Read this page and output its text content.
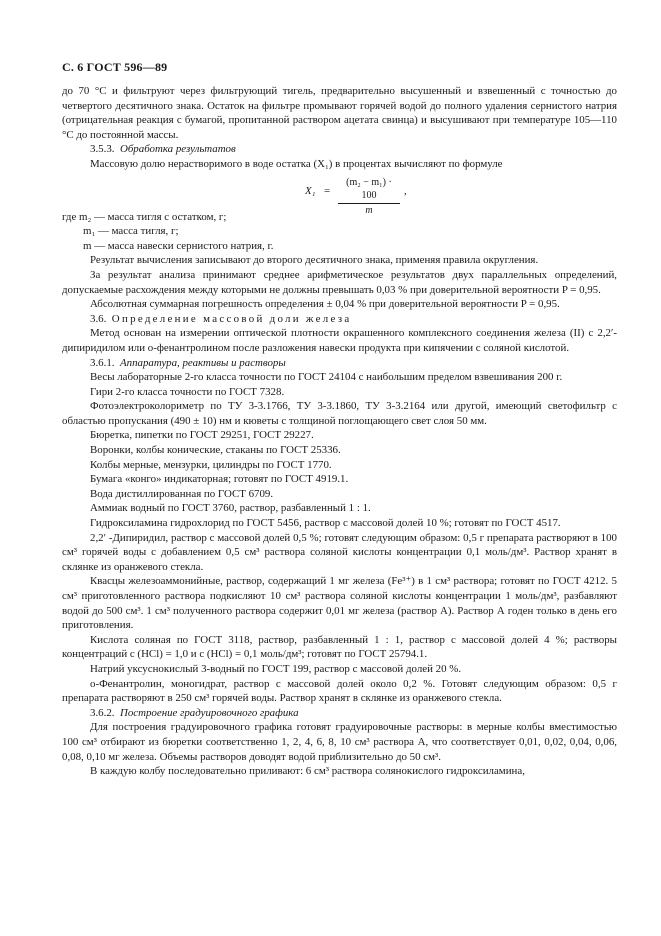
С. 6 ГОСТ 596—89

до 70 °С и фильтруют через фильтрующий тигель, предварительно высушенный и взвешенный с точностью до четвертого десятичного знака. Остаток на фильтре промывают горячей водой до полного удаления сернистого натрия (отрицательная реакция с бумагой, пропитанной раствором ацетата свинца) и высушивают при температуре 105—110 °С до постоянной массы.

3.5.3. Обработка результатов

Массовую долю нерастворимого в воде остатка (X₁) в процентах вычисляют по формуле

$X_1 = \frac{\text{(m₂ − m₁) · 100}}{m}$ ,
где m₂ — масса тигля с остатком, г;
m₁ — масса тигля, г;
m — масса навески сернистого натрия, г.

Результат вычисления записывают до второго десятичного знака, применяя правила округления.

За результат анализа принимают среднее арифметическое результатов двух параллельных определений, допускаемые расхождения между которыми не должны превышать 0,03 % при доверительной вероятности P = 0,95.

Абсолютная суммарная погрешность определения ± 0,04 % при доверительной вероятности P = 0,95.

3.6. Определение массовой доли железа

Метод основан на измерении оптической плотности окрашенного комплексного соединения железа (II) с 2,2′-дипиридилом или о-фенантролином после разложения навески продукта при кипячении с соляной кислотой.

3.6.1. Аппаратура, реактивы и растворы

Весы лабораторные 2-го класса точности по ГОСТ 24104 с наибольшим пределом взвешивания 200 г.

Гири 2-го класса точности по ГОСТ 7328.

Фотоэлектроколориметр по ТУ 3-3.1766, ТУ 3-3.1860, ТУ 3-3.2164 или другой, имеющий светофильтр с областью пропускания (490 ± 10) нм и кюветы с толщиной поглощающего свет слоя 50 мм.

Бюретка, пипетки по ГОСТ 29251, ГОСТ 29227.

Воронки, колбы конические, стаканы по ГОСТ 25336.

Колбы мерные, мензурки, цилиндры по ГОСТ 1770.

Бумага «конго» индикаторная; готовят по ГОСТ 4919.1.

Вода дистиллированная по ГОСТ 6709.

Аммиак водный по ГОСТ 3760, раствор, разбавленный 1 : 1.

Гидроксиламина гидрохлорид по ГОСТ 5456, раствор с массовой долей 10 %; готовят по ГОСТ 4517.

2,2′ -Дипиридил, раствор с массовой долей 0,5 %; готовят следующим образом: 0,5 г препарата растворяют в 100 см³ горячей воды с добавлением 0,5 см³ раствора соляной кислоты концентрации 0,1 моль/дм³. Раствор хранят в склянке из оранжевого стекла.

Квасцы железоаммонийные, раствор, содержащий 1 мг железа (Fe³⁺) в 1 см³ раствора; готовят по ГОСТ 4212. 5 см³ приготовленного раствора подкисляют 10 см³ раствора соляной кислоты концентрации 1 моль/дм³, разбавляют водой до 500 см³. 1 см³ полученного раствора содержит 0,01 мг железа (раствор А). Раствор А годен только в день его приготовления.

Кислота соляная по ГОСТ 3118, раствор, разбавленный 1 : 1, раствор с массовой долей 4 %; растворы концентраций с (HCl) = 1,0 и с (HCl) = 0,1 моль/дм³; готовят по ГОСТ 25794.1.

Натрий уксуснокислый 3-водный по ГОСТ 199, раствор с массовой долей 20 %.

о-Фенантролин, моногидрат, раствор с массовой долей около 0,2 %. Готовят следующим образом: 0,5 г препарата растворяют в 250 см³ горячей воды. Раствор хранят в склянке из оранжевого стекла.

3.6.2. Построение градуировочного графика

Для построения градуировочного графика готовят градуировочные растворы: в мерные колбы вместимостью 100 см³ отбирают из бюретки соответственно 1, 2, 4, 6, 8, 10 см³ раствора А, что соответствует 0,01, 0,02, 0,04, 0,06, 0,08, 0,10 мг железа. Объемы растворов доводят водой приблизительно до 50 см³.

В каждую колбу последовательно приливают: 6 см³ раствора солянокислого гидроксиламина,
